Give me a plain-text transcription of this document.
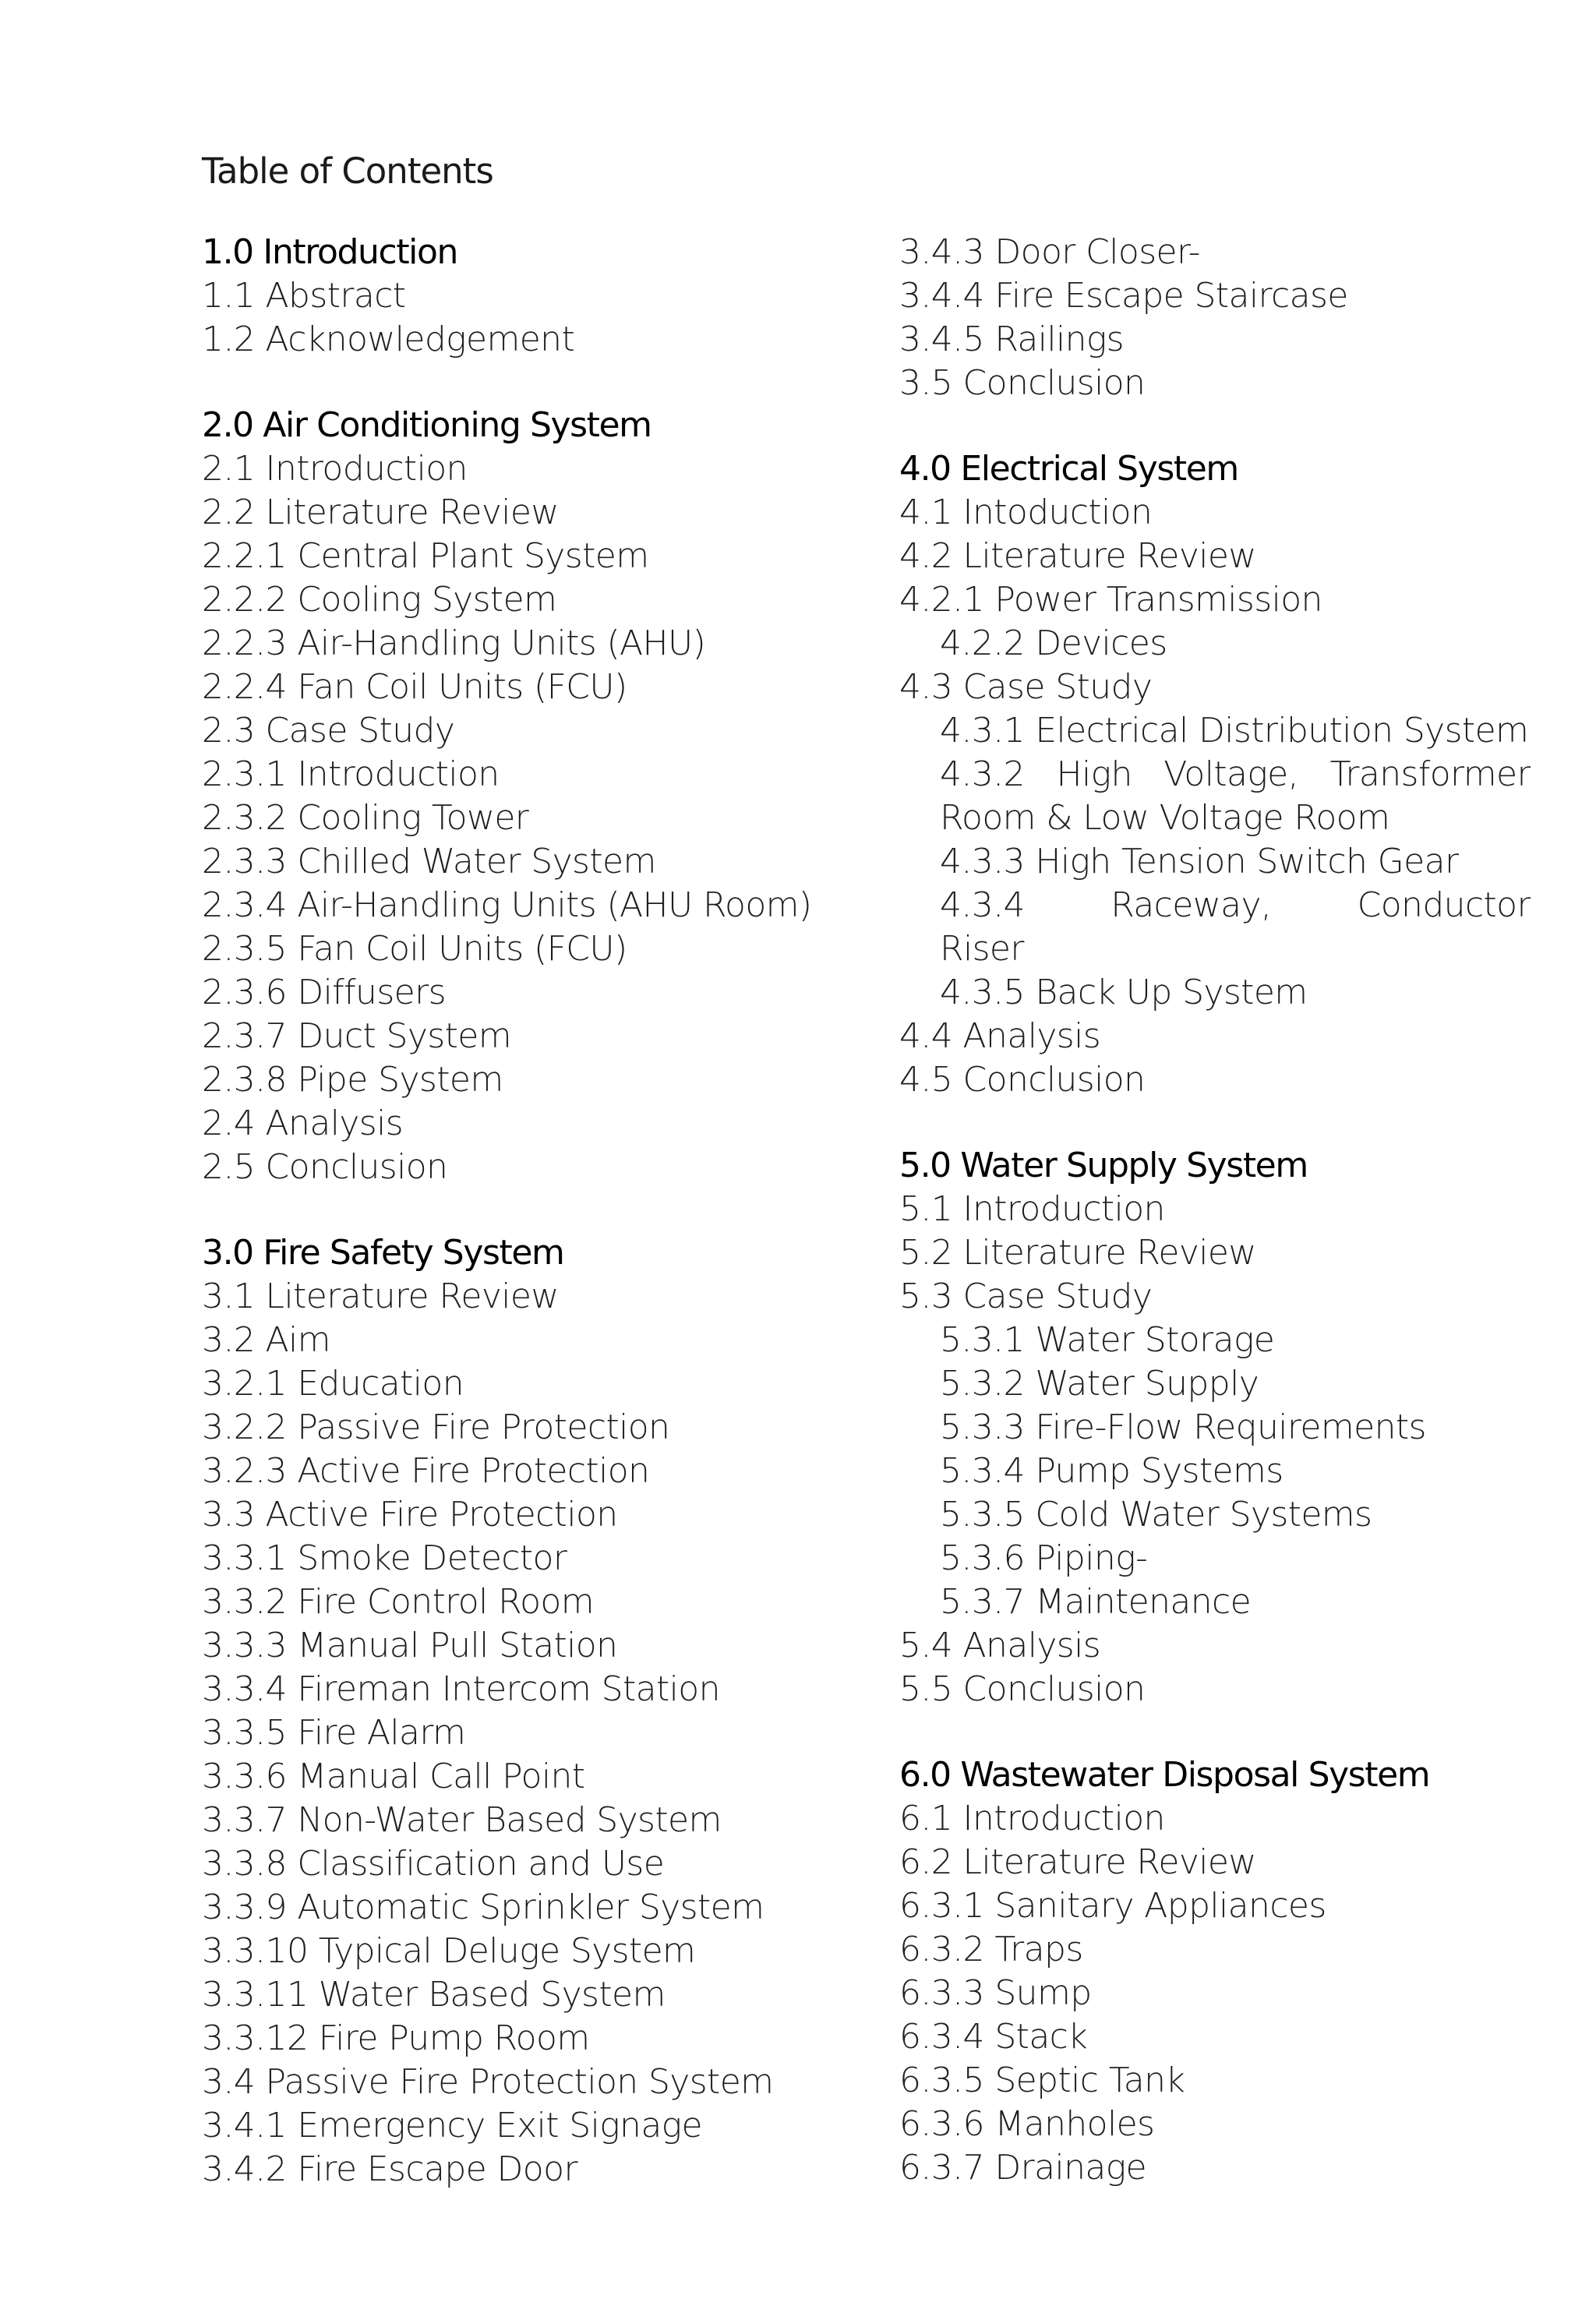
Table of Contents
1.0 Introduction
1.1 Abstract
1.2 Acknowledgement
2.0 Air Conditioning System
2.1 Introduction
2.2 Literature Review
2.2.1 Central Plant System
2.2.2 Cooling System
2.2.3 Air-Handling Units (AHU)
2.2.4 Fan Coil Units (FCU)
2.3 Case Study
2.3.1 Introduction
2.3.2 Cooling Tower
2.3.3 Chilled Water System
2.3.4 Air-Handling Units (AHU Room)
2.3.5 Fan Coil Units (FCU)
2.3.6 Diffusers
2.3.7 Duct System
2.3.8 Pipe System
2.4 Analysis
2.5 Conclusion
3.0 Fire Safety System
3.1 Literature Review
3.2 Aim
3.2.1 Education
3.2.2 Passive Fire Protection
3.2.3 Active Fire Protection
3.3 Active Fire Protection
3.3.1 Smoke Detector
3.3.2 Fire Control Room
3.3.3 Manual Pull Station
3.3.4 Fireman Intercom Station
3.3.5 Fire Alarm
3.3.6 Manual Call Point
3.3.7 Non-Water Based System
3.3.8 Classification and Use
3.3.9 Automatic Sprinkler System
3.3.10 Typical Deluge System
3.3.11 Water Based System
3.3.12 Fire Pump Room
3.4 Passive Fire Protection System
3.4.1 Emergency Exit Signage
3.4.2 Fire Escape Door
3.4.3 Door Closer-
3.4.4 Fire Escape Staircase
3.4.5 Railings
3.5 Conclusion
4.0 Electrical System
4.1 Intoduction
4.2 Literature Review
4.2.1 Power Transmission
4.2.2 Devices
4.3 Case Study
4.3.1 Electrical Distribution System
4.3.2 High Voltage, Transformer
Room & Low Voltage Room
4.3.3 High Tension Switch Gear
4.3.4 Raceway, Conductor
Riser
4.3.5 Back Up System
4.4 Analysis
4.5 Conclusion
5.0 Water Supply System
5.1 Introduction
5.2 Literature Review
5.3 Case Study
5.3.1 Water Storage
5.3.2 Water Supply
5.3.3 Fire-Flow Requirements
5.3.4 Pump Systems
5.3.5 Cold Water Systems
5.3.6 Piping-
5.3.7 Maintenance
5.4 Analysis
5.5 Conclusion
6.0 Wastewater Disposal System
6.1 Introduction
6.2 Literature Review
6.3.1 Sanitary Appliances
6.3.2 Traps
6.3.3 Sump
6.3.4 Stack
6.3.5 Septic Tank
6.3.6 Manholes
6.3.7 Drainage
